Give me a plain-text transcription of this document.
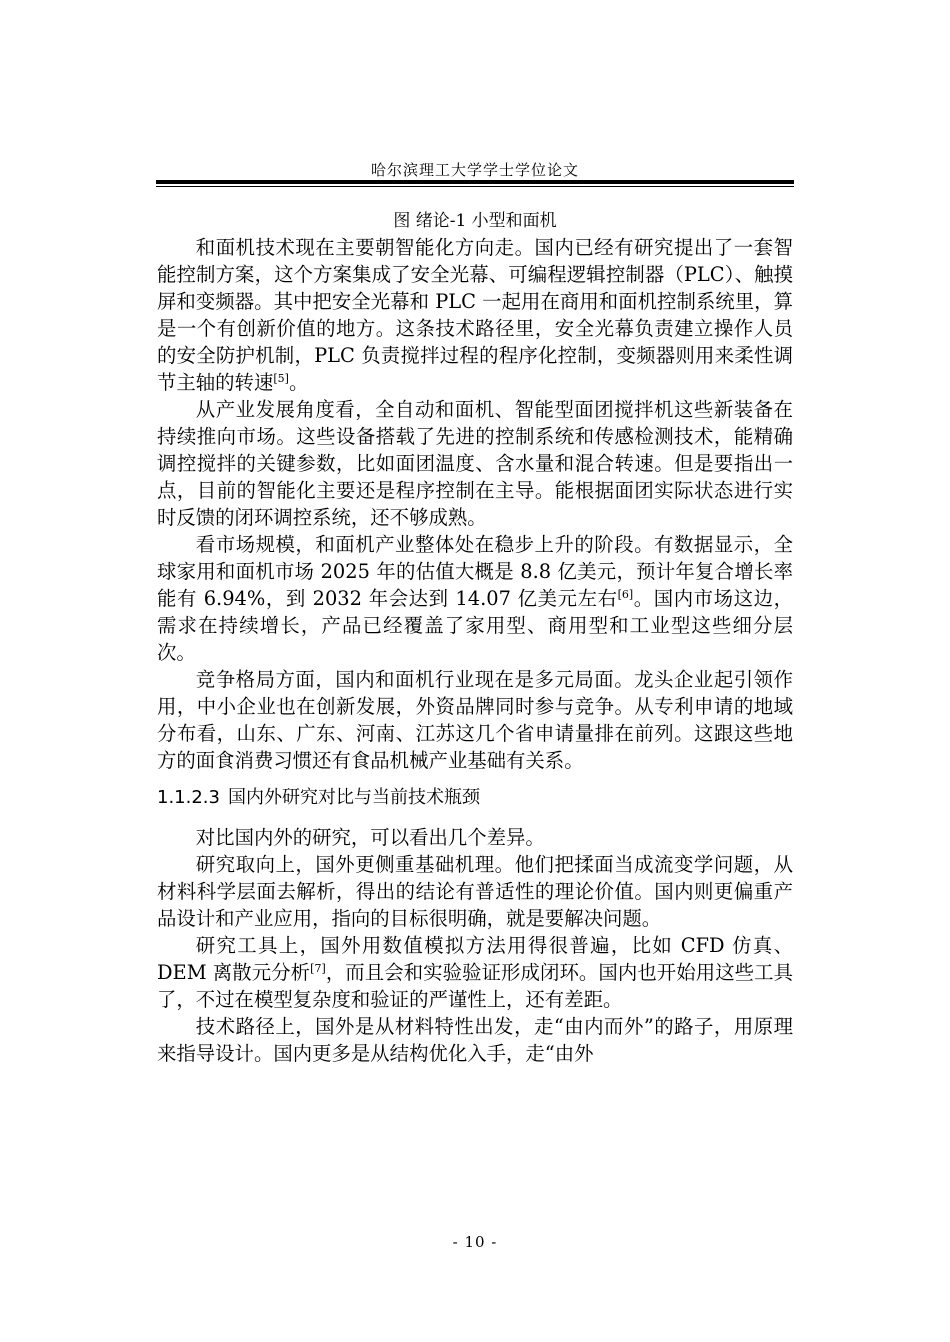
哈尔滨理工大学学士学位论文
图 绪论-1 小型和面机

和面机技术现在主要朝智能化方向走。国内已经有研究提出了一套智能控制方案，这个方案集成了安全光幕、可编程逻辑控制器（PLC）、触摸屏和变频器。其中把安全光幕和 PLC 一起用在商用和面机控制系统里，算是一个有创新价值的地方。这条技术路径里，安全光幕负责建立操作人员的安全防护机制，PLC 负责搅拌过程的程序化控制，变频器则用来柔性调节主轴的转速[5]。

从产业发展角度看，全自动和面机、智能型面团搅拌机这些新装备在持续推向市场。这些设备搭载了先进的控制系统和传感检测技术，能精确调控搅拌的关键参数，比如面团温度、含水量和混合转速。但是要指出一点，目前的智能化主要还是程序控制在主导。能根据面团实际状态进行实时反馈的闭环调控系统，还不够成熟。

看市场规模，和面机产业整体处在稳步上升的阶段。有数据显示，全球家用和面机市场 2025 年的估值大概是 8.8 亿美元，预计年复合增长率能有 6.94%，到 2032 年会达到 14.07 亿美元左右[6]。国内市场这边，需求在持续增长，产品已经覆盖了家用型、商用型和工业型这些细分层次。

竞争格局方面，国内和面机行业现在是多元局面。龙头企业起引领作用，中小企业也在创新发展，外资品牌同时参与竞争。从专利申请的地域分布看，山东、广东、河南、江苏这几个省申请量排在前列。这跟这些地方的面食消费习惯还有食品机械产业基础有关系。

1.1.2.3 国内外研究对比与当前技术瓶颈

对比国内外的研究，可以看出几个差异。

研究取向上，国外更侧重基础机理。他们把揉面当成流变学问题，从材料科学层面去解析，得出的结论有普适性的理论价值。国内则更偏重产品设计和产业应用，指向的目标很明确，就是要解决问题。

研究工具上，国外用数值模拟方法用得很普遍，比如 CFD 仿真、DEM 离散元分析[7]，而且会和实验验证形成闭环。国内也开始用这些工具了，不过在模型复杂度和验证的严谨性上，还有差距。

技术路径上，国外是从材料特性出发，走“由内而外”的路子，用原理来指导设计。国内更多是从结构优化入手，走“由外

- 10 -
